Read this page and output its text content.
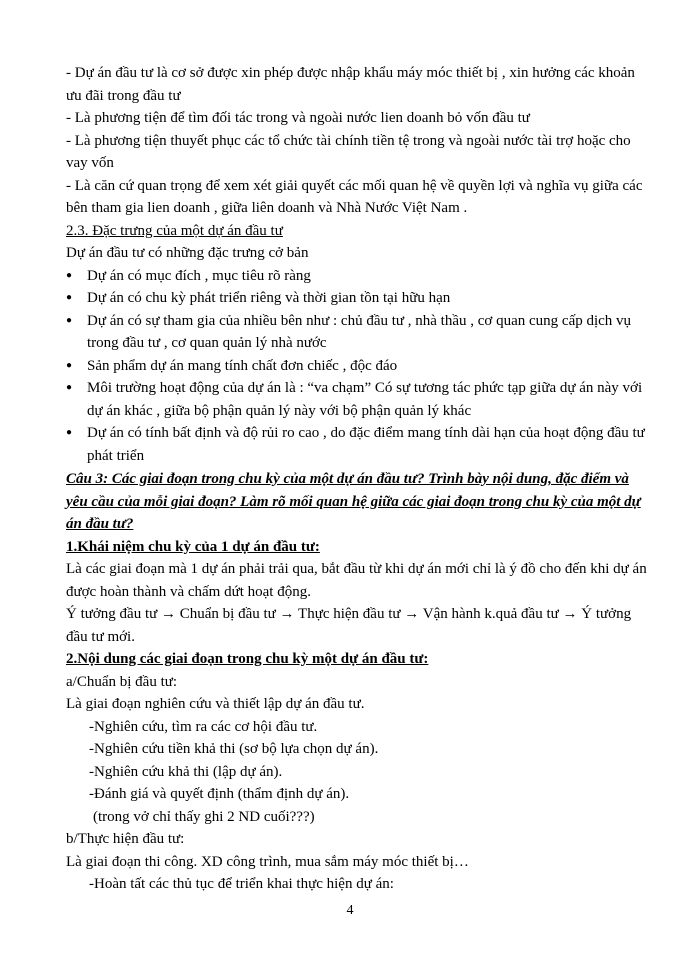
- Dự án đầu tư là cơ sở được xin phép được nhập khẩu máy móc thiết bị , xin hưởng các khoản ưu đãi trong đầu tư

- Là phương tiện để tìm đối tác trong và ngoài nước lien doanh bỏ vốn đầu tư

- Là phương tiện thuyết phục các tổ chức tài chính tiền tệ trong và ngoài nước tài trợ hoặc cho vay vốn

- Là căn cứ quan trọng để xem xét giải quyết các mối quan hệ về quyền lợi và nghĩa vụ giữa các bên tham gia lien doanh , giữa liên doanh và Nhà Nước Việt Nam .

2.3. Đặc trưng của một dự án đầu tư

Dự án đầu tư có những đặc trưng cở bản

● Dự án có mục đích , mục tiêu rõ ràng
● Dự án có chu kỳ phát triển riêng và thời gian tồn tại hữu hạn
● Dự án có sự tham gia của nhiều bên như : chủ đầu tư , nhà thầu , cơ quan cung cấp dịch vụ trong đầu tư , cơ quan quản lý nhà nước
● Sản phẩm dự án mang tính chất đơn chiếc , độc đáo
● Môi trường hoạt động của dự án là : “va chạm” Có sự tương tác phức tạp giữa dự án này với dự án khác , giữa bộ phận quản lý này với bộ phận quản lý khác
● Dự án có tính bất định và độ rủi ro cao , do đặc điểm mang tính dài hạn của hoạt động đầu tư phát triển

Câu 3: Các giai đoạn trong chu kỳ của một dự án đầu tư? Trình bày nội dung, đặc điểm và yêu cầu của mỗi giai đoạn? Làm rõ mối quan hệ giữa các giai đoạn trong chu kỳ của một dự án đầu tư?

1.Khái niệm chu kỳ của 1 dự án đầu tư:

Là các giai đoạn mà 1 dự án phải trải qua, bắt đầu từ khi dự án mới chỉ là ý đồ cho đến khi dự án được hoàn thành và chấm dứt hoạt động.

Ý tưởng đầu tư → Chuẩn bị đầu tư → Thực hiện đầu tư → Vận hành k.quả đầu tư → Ý tưởng đầu tư mới.

2.Nội dung các giai đoạn trong chu kỳ một dự án đầu tư:

a/Chuẩn bị đầu tư:

Là giai đoạn nghiên cứu và thiết lập dự án đầu tư.

-Nghiên cứu, tìm ra các cơ hội đầu tư.

-Nghiên cứu tiền khả thi (sơ bộ lựa chọn dự án).

-Nghiên cứu khả thi (lập dự án).

-Đánh giá và quyết định (thẩm định dự án).

(trong vở chỉ thấy ghi 2 ND cuối???)

b/Thực hiện đầu tư:

Là giai đoạn thi công. XD công trình, mua sắm máy móc thiết bị…

-Hoàn tất các thủ tục để triển khai thực hiện dự án:

4
